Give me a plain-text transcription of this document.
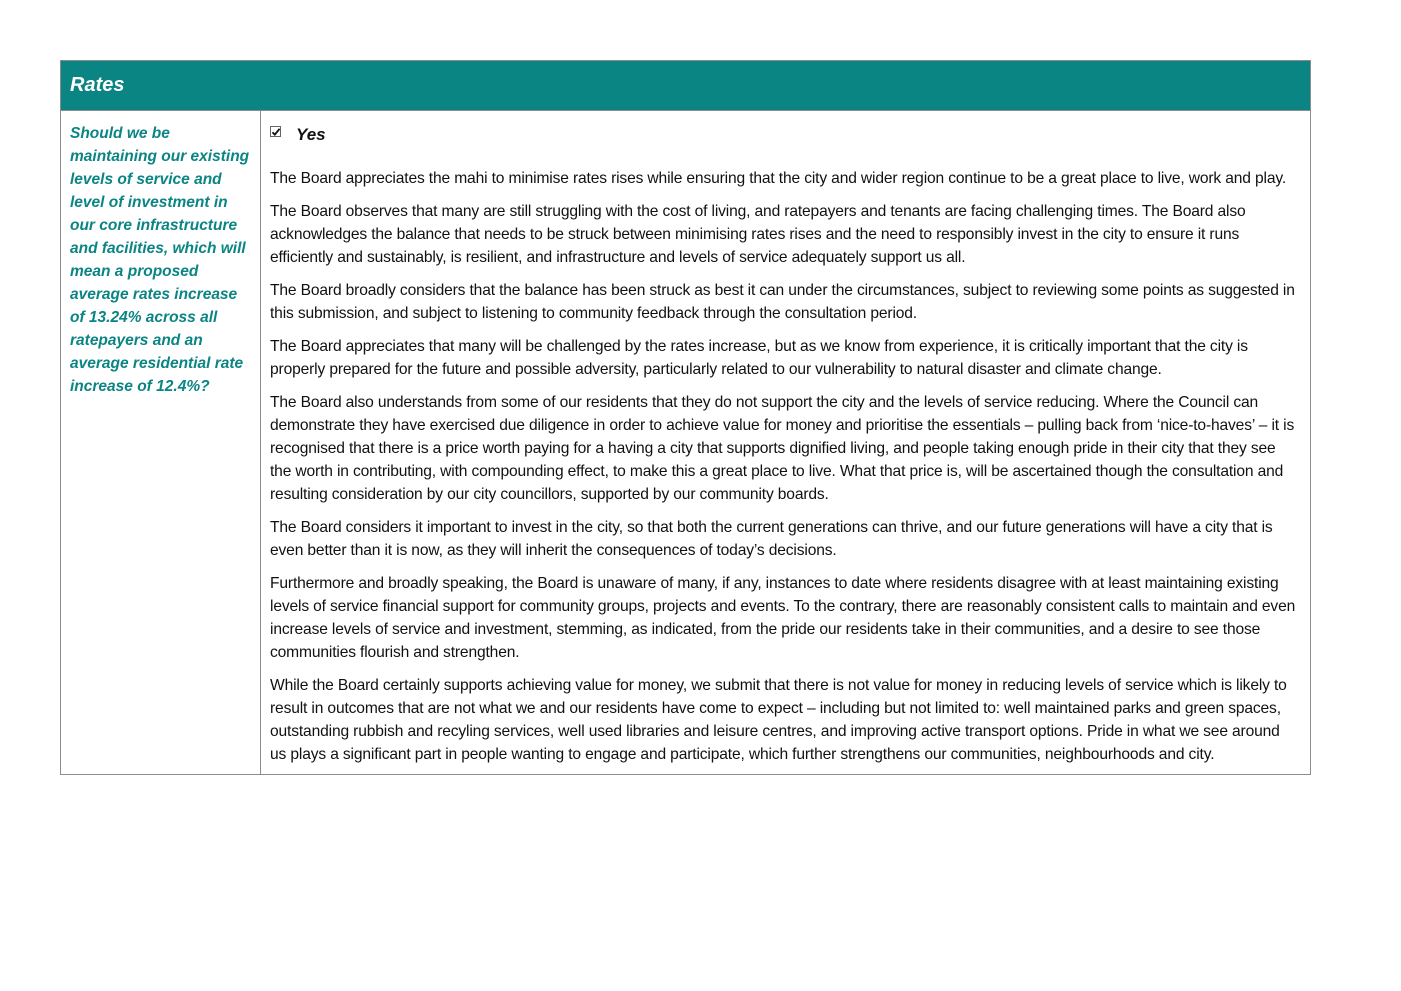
Rates

Should we be maintaining our existing levels of service and level of investment in our core infrastructure and facilities, which will mean a proposed average rates increase of 13.24% across all ratepayers and an average residential rate increase of 12.4%?

Yes

The Board appreciates the mahi to minimise rates rises while ensuring that the city and wider region continue to be a great place to live, work and play.

The Board observes that many are still struggling with the cost of living, and ratepayers and tenants are facing challenging times. The Board also acknowledges the balance that needs to be struck between minimising rates rises and the need to responsibly invest in the city to ensure it runs efficiently and sustainably, is resilient, and infrastructure and levels of service adequately support us all.

The Board broadly considers that the balance has been struck as best it can under the circumstances, subject to reviewing some points as suggested in this submission, and subject to listening to community feedback through the consultation period.

The Board appreciates that many will be challenged by the rates increase, but as we know from experience, it is critically important that the city is properly prepared for the future and possible adversity, particularly related to our vulnerability to natural disaster and climate change.

The Board also understands from some of our residents that they do not support the city and the levels of service reducing. Where the Council can demonstrate they have exercised due diligence in order to achieve value for money and prioritise the essentials – pulling back from ‘nice-to-haves’ – it is recognised that there is a price worth paying for a having a city that supports dignified living, and people taking enough pride in their city that they see the worth in contributing, with compounding effect, to make this a great place to live. What that price is, will be ascertained though the consultation and resulting consideration by our city councillors, supported by our community boards.

The Board considers it important to invest in the city, so that both the current generations can thrive, and our future generations will have a city that is even better than it is now, as they will inherit the consequences of today’s decisions.

Furthermore and broadly speaking, the Board is unaware of many, if any, instances to date where residents disagree with at least maintaining existing levels of service financial support for community groups, projects and events. To the contrary, there are reasonably consistent calls to maintain and even increase levels of service and investment, stemming, as indicated, from the pride our residents take in their communities, and a desire to see those communities flourish and strengthen.

While the Board certainly supports achieving value for money, we submit that there is not value for money in reducing levels of service which is likely to result in outcomes that are not what we and our residents have come to expect – including but not limited to: well maintained parks and green spaces, outstanding rubbish and recyling services, well used libraries and leisure centres, and improving active transport options. Pride in what we see around us plays a significant part in people wanting to engage and participate, which further strengthens our communities, neighbourhoods and city.
